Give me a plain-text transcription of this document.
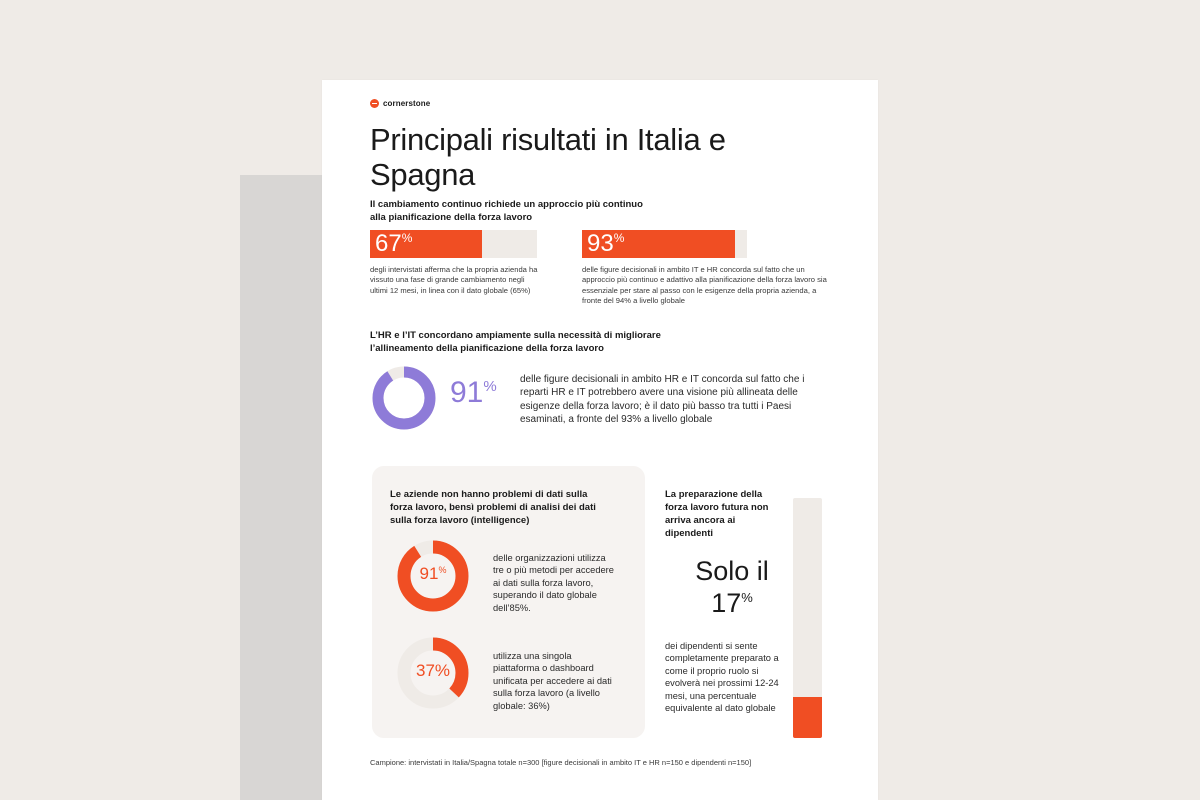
cornerstone
Principali risultati in Italia e Spagna

Il cambiamento continuo richiede un approccio più continuo alla pianificazione della forza lavoro

67%

degli intervistati afferma che la propria azienda ha vissuto una fase di grande cambiamento negli ultimi 12 mesi, in linea con il dato globale (65%)

93%

delle figure decisionali in ambito IT e HR concorda sul fatto che un approccio più continuo e adattivo alla pianificazione della forza lavoro sia essenziale per stare al passo con le esigenze della propria azienda, a fronte del 94% a livello globale

L’HR e l’IT concordano ampiamente sulla necessità di migliorare l’allineamento della pianificazione della forza lavoro

91% delle figure decisionali in ambito HR e IT concorda sul fatto che i reparti HR e IT potrebbero avere una visione più allineata delle esigenze della forza lavoro; è il dato più basso tra tutti i Paesi esaminati, a fronte del 93% a livello globale

Le aziende non hanno problemi di dati sulla forza lavoro, bensì problemi di analisi dei dati sulla forza lavoro (intelligence)

91%

delle organizzazioni utilizza tre o più metodi per accedere ai dati sulla forza lavoro, superando il dato globale dell’85%.

37%

utilizza una singola piattaforma o dashboard unificata per accedere ai dati sulla forza lavoro (a livello globale: 36%)

La preparazione della forza lavoro futura non arriva ancora ai dipendenti

Solo il
17%

dei dipendenti si sente completamente preparato a come il proprio ruolo si evolverà nei prossimi 12-24 mesi, una percentuale equivalente al dato globale

Campione: intervistati in Italia/Spagna totale n=300 [figure decisionali in ambito IT e HR n=150 e dipendenti n=150]
